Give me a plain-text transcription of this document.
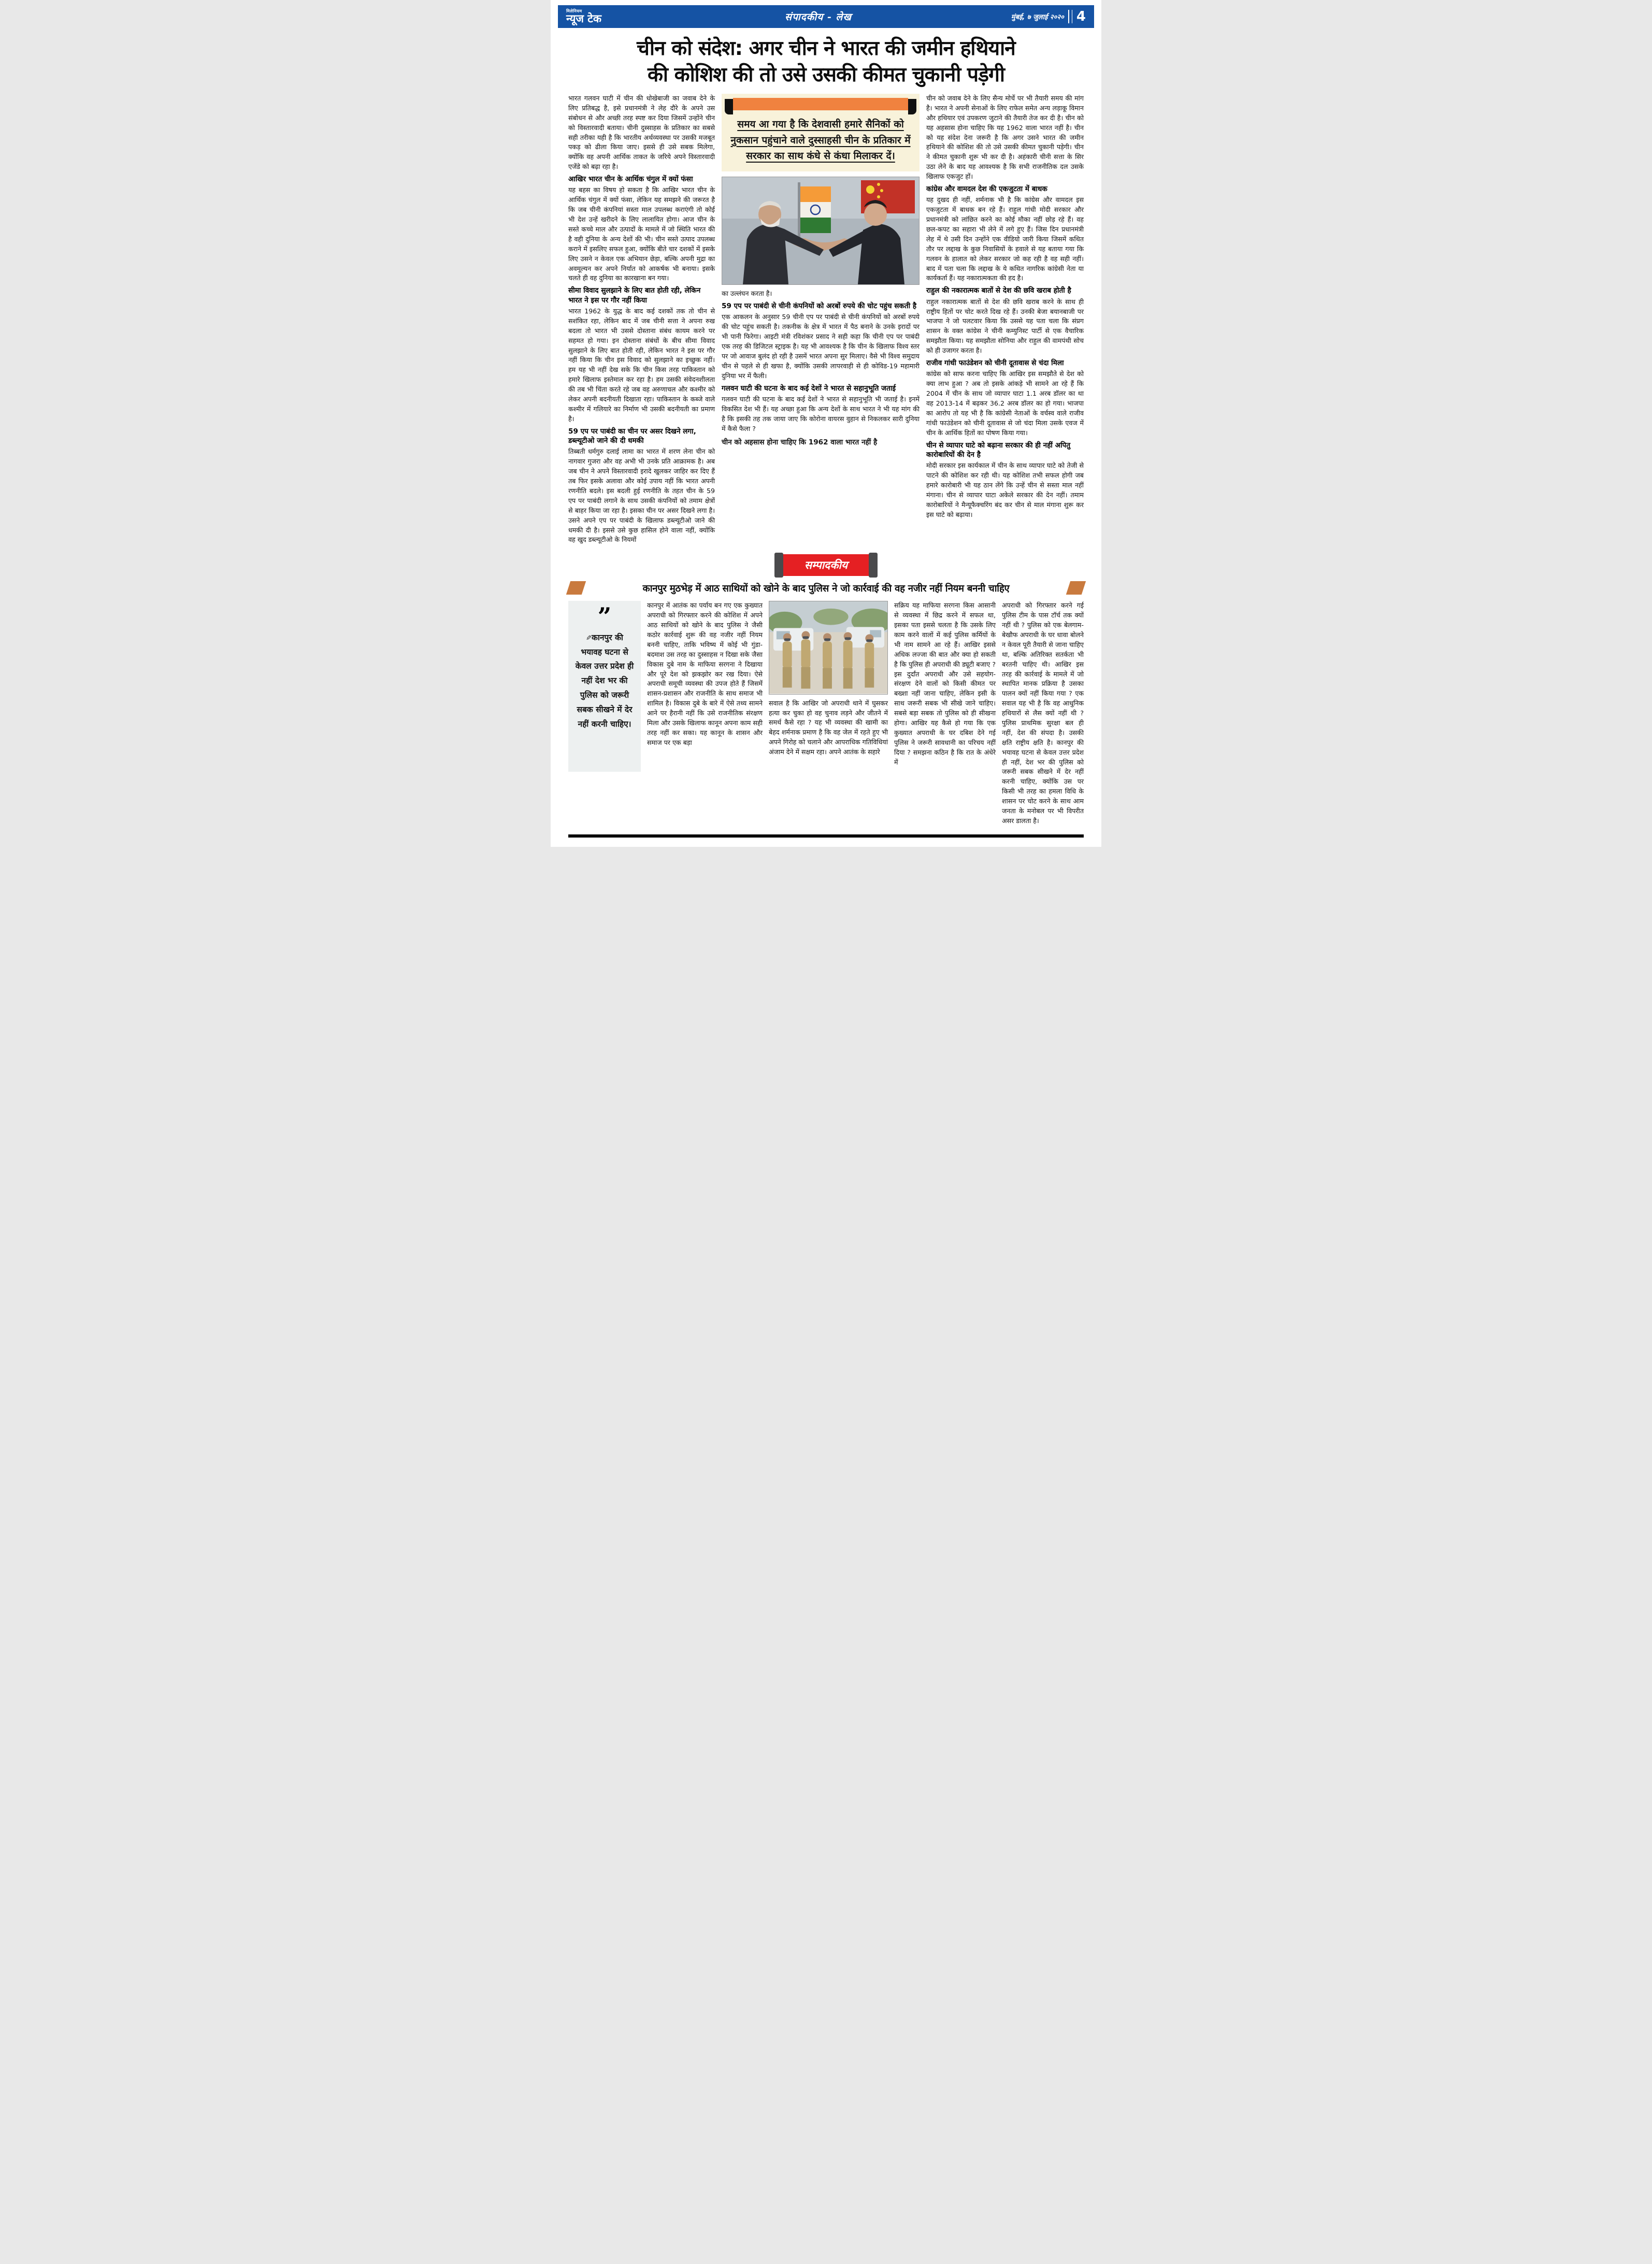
मिलेनियम
न्यूज टेक	संपादकीय - लेख	मुंबई, ७ जुलाई २०२० 4
चीन को संदेश: अगर चीन ने भारत की जमीन हथियाने
की कोशिश की तो उसे उसकी कीमत चुकानी पड़ेगी

भारत गलवन घाटी में चीन की धोखेबाजी का जवाब देने के लिए प्रतिबद्ध है, इसे प्रधानमंत्री ने लेह दौरे के अपने उस संबोधन से और अच्छी तरह स्पष्ट कर दिया जिसमें उन्होंने चीन को विस्तारवादी बताया। चीनी दुस्साहस के प्रतिकार का सबसे सही तरीका यही है कि भारतीय अर्थव्यवस्था पर उसकी मजबूत पकड़ को ढीला किया जाए। इससे ही उसे सबक मिलेगा, क्योंकि वह अपनी आर्थिक ताकत के जरिये अपने विस्तारवादी एजेंडे को बढ़ा रहा है।

आखिर भारत चीन के आर्थिक चंगुल में क्यों फंसा

यह बहस का विषय हो सकता है कि आखिर भारत चीन के आर्थिक चंगुल में क्यों फंसा, लेकिन यह समझने की जरूरत है कि जब चीनी कंपनियां सस्ता माल उपलब्ध कराएंगी तो कोई भी देश उन्हें खरीदने के लिए लालायित होगा। आज चीन के सस्ते कच्चे माल और उत्पादों के मामले में जो स्थिति भारत की है वही दुनिया के अन्य देशों की भी। चीन सस्ते उत्पाद उपलब्ध कराने में इसलिए सफल हुआ, क्योंकि बीते चार दशकों में इसके लिए उसने न केवल एक अभियान छेड़ा, बल्कि अपनी मुद्रा का अवमूल्यन कर अपने निर्यात को आकर्षक भी बनाया। इसके चलते ही वह दुनिया का कारखाना बन गया।

सीमा विवाद सुलझाने के लिए बात होती रही, लेकिन भारत ने इस पर गौर नहीं किया

भारत 1962 के युद्ध के बाद कई दशकों तक तो चीन से सशंकित रहा, लेकिन बाद में जब चीनी सत्ता ने अपना रुख बदला तो भारत भी उससे दोस्ताना संबंध कायम करने पर सहमत हो गया। इन दोस्ताना संबंधों के बीच सीमा विवाद सुलझाने के लिए बात होती रही, लेकिन भारत ने इस पर गौर नहीं किया कि चीन इस विवाद को सुलझाने का इच्छुक नहीं। हम यह भी नहीं देख सके कि चीन किस तरह पाकिस्तान को हमारे खिलाफ इस्तेमाल कर रहा है। हम उसकी संवेदनशीलता की तब भी चिंता करते रहे जब वह अरुणाचल और कश्मीर को लेकर अपनी बदनीयती दिखाता रहा। पाकिस्तान के कब्जे वाले कश्मीर में गलियारे का निर्माण भी उसकी बदनीयती का प्रमाण है।

59 एप पर पाबंदी का चीन पर असर दिखने लगा, डब्ल्यूटीओ जाने की दी धमकी

तिब्बती धर्मगुरु दलाई लामा का भारत में शरण लेना चीन को नागवार गुजरा और वह अभी भी उनके प्रति आक्रामक है। अब जब चीन ने अपने विस्तारवादी इरादे खुलकर जाहिर कर दिए हैं तब फिर इसके अलावा और कोई उपाय नहीं कि भारत अपनी रणनीति बदले। इस बदली हुई रणनीति के तहत चीन के 59 एप पर पाबंदी लगाने के साथ उसकी कंपनियों को तमाम क्षेत्रों से बाहर किया जा रहा है। इसका चीन पर असर दिखने लगा है। उसने अपने एप पर पाबंदी के खिलाफ डब्ल्यूटीओ जाने की धमकी दी है। इससे उसे कुछ हासिल होने वाला नहीं, क्योंकि वह खुद डब्ल्यूटीओ के नियमों

समय आ गया है कि देशवासी हमारे सैनिकों को नुकसान पहुंचाने वाले दुस्साहसी चीन के प्रतिकार में सरकार का साथ कंधे से कंधा मिलाकर दें।

का उल्लंघन करता है।

59 एप पर पाबंदी से चीनी कंपनियों को अरबों रुपये की चोट पहुंच सकती है

एक आकलन के अनुसार 59 चीनी एप पर पाबंदी से चीनी कंपनियों को अरबों रुपये की चोट पहुंच सकती है। तकनीक के क्षेत्र में भारत में पैठ बनाने के उनके इरादों पर भी पानी फिरेगा। आइटी मंत्री रविशंकर प्रसाद ने सही कहा कि चीनी एप पर पाबंदी एक तरह की डिजिटल स्ट्राइक है। यह भी आवश्यक है कि चीन के खिलाफ विश्व स्तर पर जो आवाज बुलंद हो रही है उसमें भारत अपना सुर मिलाए। वैसे भी विश्व समुदाय चीन से पहले से ही खफा है, क्योंकि उसकी लापरवाही से ही कोविड-19 महामारी दुनिया भर में फैली।

गलवन घाटी की घटना के बाद कई देशों ने भारत से सहानुभूति जताई

गलवन घाटी की घटना के बाद कई देशों ने भारत से सहानुभूति भी जताई है। इनमें विकसित देश भी हैं। यह अच्छा हुआ कि अन्य देशों के साथ भारत ने भी यह मांग की है कि इसकी तह तक जाया जाए कि कोरोना वायरस वुहान से निकलकर सारी दुनिया में कैसे फैला ?

चीन को अहसास होना चाहिए कि 1962 वाला भारत नहीं है

चीन को जवाब देने के लिए सैन्य मोर्चे पर भी तैयारी समय की मांग है। भारत ने अपनी सेनाओं के लिए राफेल समेत अन्य लड़ाकू विमान और हथियार एवं उपकरण जुटाने की तैयारी तेज कर दी है। चीन को यह अहसास होना चाहिए कि यह 1962 वाला भारत नहीं है। चीन को यह संदेश देना जरूरी है कि अगर उसने भारत की जमीन हथियाने की कोशिश की तो उसे उसकी कीमत चुकानी पड़ेगी। चीन ने कीमत चुकानी शुरू भी कर दी है। अहंकारी चीनी सत्ता के सिर उठा लेने के बाद यह आवश्यक है कि सभी राजनीतिक दल उसके खिलाफ एकजुट हों।

कांग्रेस और वामदल देश की एकजुटता में बाधक

यह दुखद ही नहीं, शर्मनाक भी है कि कांग्रेस और वामदल इस एकजुटता में बाधक बन रहे हैं। राहुल गांधी मोदी सरकार और प्रधानमंत्री को लांछित करने का कोई मौका नहीं छोड़ रहे हैं। वह छल-कपट का सहारा भी लेने में लगे हुए हैं। जिस दिन प्रधानमंत्री लेह में थे उसी दिन उन्होंने एक वीडियो जारी किया जिसमें कथित तौर पर लद्दाख के कुछ निवासियों के हवाले से यह बताया गया कि गलवन के हालात को लेकर सरकार जो कह रही है वह सही नहीं। बाद में पता चला कि लद्दाख के ये कथित नागरिक कांग्रेसी नेता या कार्यकर्ता हैं। यह नकारात्मकता की हद है।

राहुल की नकारात्मक बातों से देश की छवि खराब होती है

राहुल नकारात्मक बातों से देश की छवि खराब करने के साथ ही राष्ट्रीय हितों पर चोट करते दिख रहे हैं। उनकी बेजा बयानबाजी पर भाजपा ने जो पलटवार किया कि उससे यह पता चला कि संप्रग शासन के वक्त कांग्रेस ने चीनी कम्युनिस्ट पार्टी से एक वैचारिक समझौता किया। यह समझौता सोनिया और राहुल की वामपंथी सोच को ही उजागर करता है।

राजीव गांधी फाउंडेशन को चीनी दूतावास से चंदा मिला

कांग्रेस को साफ करना चाहिए कि आखिर इस समझौते से देश को क्या लाभ हुआ ? अब तो इसके आंकड़े भी सामने आ रहे हैं कि 2004 में चीन के साथ जो व्यापार घाटा 1.1 अरब डॉलर का था वह 2013-14 में बढ़कर 36.2 अरब डॉलर का हो गया। भाजपा का आरोप तो यह भी है कि कांग्रेसी नेताओं के वर्चस्व वाले राजीव गांधी फाउंडेशन को चीनी दूतावास से जो चंदा मिला उसके एवज में चीन के आर्थिक हितों का पोषण किया गया।

चीन से व्यापार घाटे को बढ़ाना सरकार की ही नहीं अपितु कारोबारियों की देन है

मोदी सरकार इस कार्यकाल में चीन के साथ व्यापार घाटे को तेजी से पाटने की कोशिश कर रही थी। यह कोशिश तभी सफल होगी जब हमारे कारोबारी भी यह ठान लेंगे कि उन्हें चीन से सस्ता माल नहीं मंगाना। चीन से व्यापार घाटा अकेले सरकार की देन नहीं। तमाम कारोबारियों ने मैन्यूफैक्चरिंग बंद कर चीन से माल मंगाना शुरू कर इस घाटे को बढ़ाया।

सम्पादकीय
कानपुर मुठभेड़ में आठ साथियों को खोने के बाद पुलिस ने जो कार्रवाई की वह नजीर नहीं नियम बननी चाहिए
”
✎कानपुर की भयावह घटना से केवल उत्तर प्रदेश ही नहीं देश भर की पुलिस को जरूरी सबक सीखने में देर नहीं करनी चाहिए।

कानपुर में आतंक का पर्याय बन गए एक कुख्यात अपराधी को गिरफ्तार करने की कोशिश में अपने आठ साथियों को खोने के बाद पुलिस ने जैसी कठोर कार्रवाई शुरू की वह नजीर नहीं नियम बननी चाहिए, ताकि भविष्य में कोई भी गुंडा-बदमाश उस तरह का दुस्साहस न दिखा सके जैसा विकास दुबे नाम के माफिया सरगना ने दिखाया और पूरे देश को झकझोर कर रख दिया। ऐसे अपराधी समूची व्यवस्था की उपज होते हैं जिसमें शासन-प्रशासन और राजनीति के साथ समाज भी शामिल है। विकास दुबे के बारे में ऐसे तथ्य सामने आने पर हैरानी नहीं कि उसे राजनीतिक संरक्षण मिला और उसके खिलाफ कानून अपना काम सही तरह नहीं कर सका। यह कानून के शासन और समाज पर एक बड़ा

सवाल है कि आखिर जो अपराधी थाने में घुसकर हत्या कर चुका हो वह चुनाव लड़ने और जीतने में समर्थ कैसे रहा ? यह भी व्यवस्था की खामी का बेहद शर्मनाक प्रमाण है कि वह जेल में रहते हुए भी अपने गिरोह को चलाने और आपराधिक गतिविधियां अंजाम देने में सक्षम रहा। अपने आतंक के सहारे

सक्रिय यह माफिया सरगना किस आसानी से व्यवस्था में छिद्र करने में सफल था, इसका पता इससे चलता है कि उसके लिए काम करने वालों में कई पुलिस कर्मियों के भी नाम सामने आ रहे हैं। आखिर इससे अधिक लज्जा की बात और क्या हो सकती है कि पुलिस ही अपराधी की ड्यूटी बजाए ? इस दुर्दांत अपराधी और उसे सहयोग-संरक्षण देने वालों को किसी कीमत पर बख्शा नहीं जाना चाहिए, लेकिन इसी के साथ जरूरी सबक भी सीखे जाने चाहिए। सबसे बड़ा सबक तो पुलिस को ही सीखना होगा। आखिर यह कैसे हो गया कि एक कुख्यात अपराधी के घर दबिश देने गई पुलिस ने जरूरी सावधानी का परिचय नहीं दिया ? समझना कठिन है कि रात के अंधेरे में

अपराधी को गिरफ्तार करने गई पुलिस टीम के पास टॉर्च तक क्यों नहीं थी ? पुलिस को एक बेलगाम-बेखौफ अपराधी के घर धावा बोलने न केवल पूरी तैयारी से जाना चाहिए था, बल्कि अतिरिक्त सतर्कता भी बरतनी चाहिए थी। आखिर इस तरह की कार्रवाई के मामले में जो स्थापित मानक प्रक्रिया है उसका पालन क्यों नहीं किया गया ? एक सवाल यह भी है कि वह आधुनिक हथियारों से लैस क्यों नहीं थी ? पुलिस प्राथमिक सुरक्षा बल ही नहीं, देश की संपदा है। उसकी क्षति राष्ट्रीय क्षति है। कानपुर की भयावह घटना से केवल उत्तर प्रदेश ही नहीं, देश भर की पुलिस को जरूरी सबक सीखने में देर नहीं करनी चाहिए, क्योंकि उस पर किसी भी तरह का हमला विधि के शासन पर चोट करने के साथ आम जनता के मनोबल पर भी विपरीत असर डालता है।
